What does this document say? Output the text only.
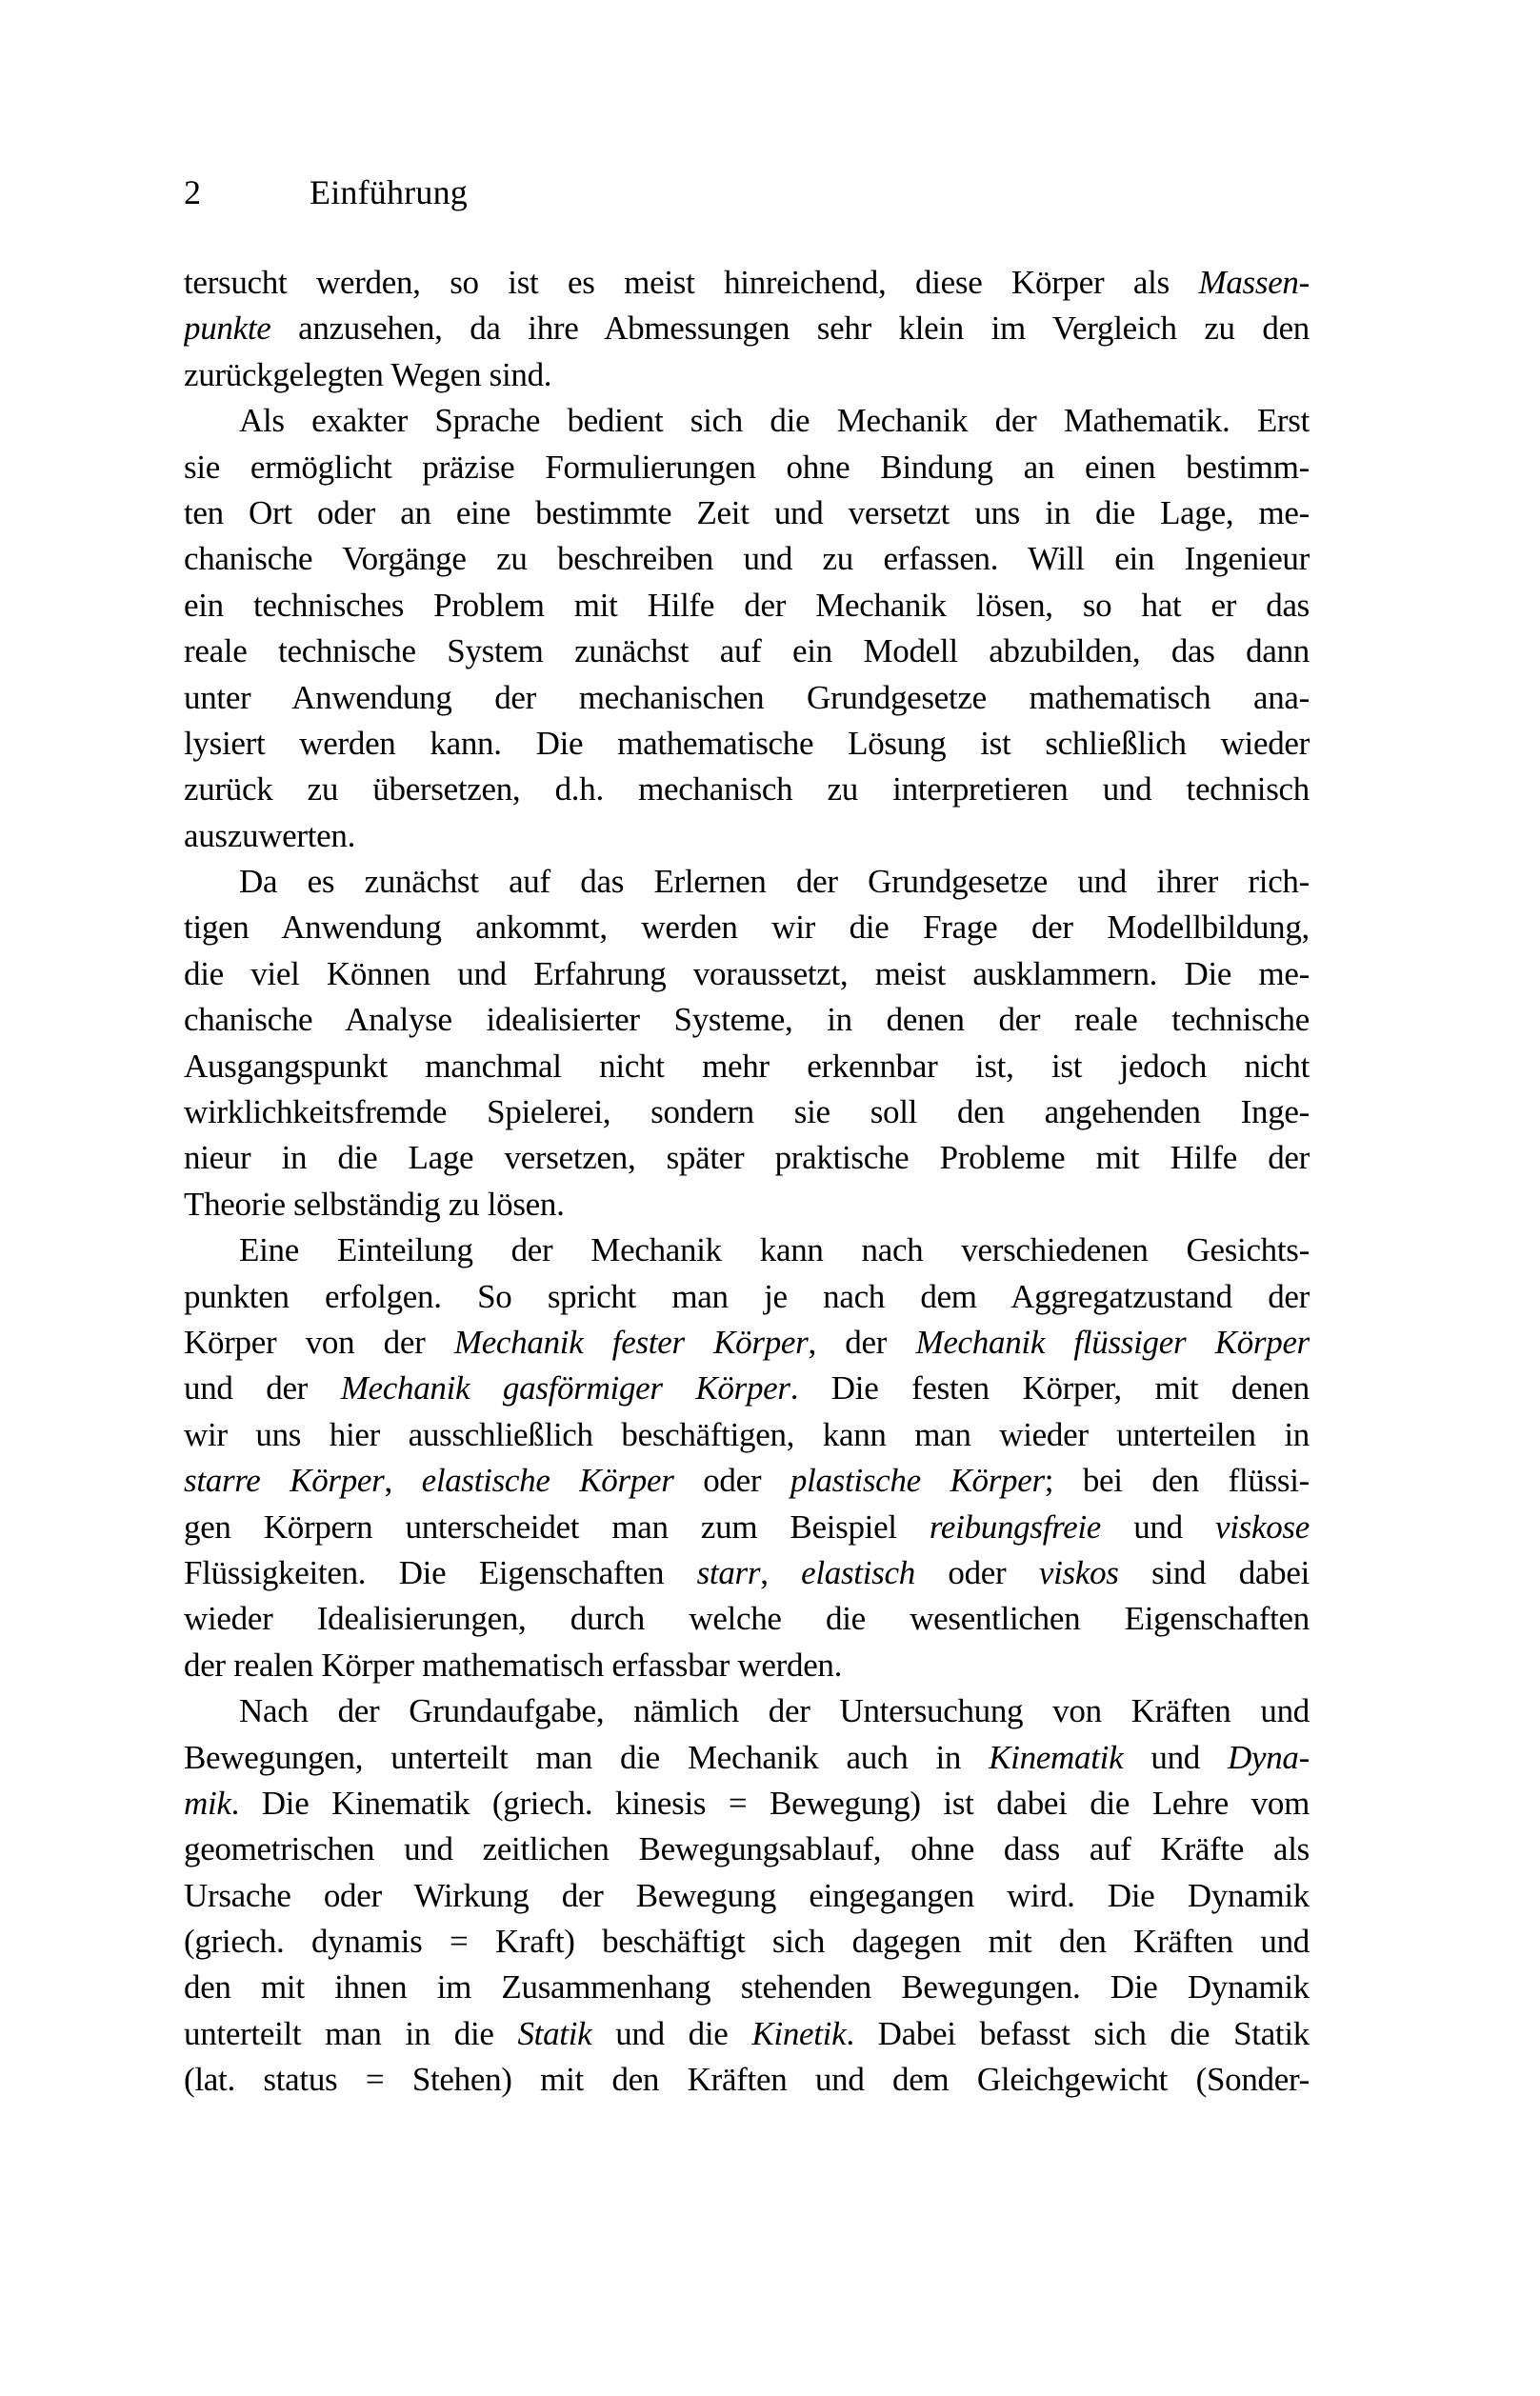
2	Einführung
tersucht werden, so ist es meist hinreichend, diese Körper als Massen-
punkte anzusehen, da ihre Abmessungen sehr klein im Vergleich zu den
zurückgelegten Wegen sind.
Als exakter Sprache bedient sich die Mechanik der Mathematik. Erst
sie ermöglicht präzise Formulierungen ohne Bindung an einen bestimm-
ten Ort oder an eine bestimmte Zeit und versetzt uns in die Lage, me-
chanische Vorgänge zu beschreiben und zu erfassen. Will ein Ingenieur
ein technisches Problem mit Hilfe der Mechanik lösen, so hat er das
reale technische System zunächst auf ein Modell abzubilden, das dann
unter Anwendung der mechanischen Grundgesetze mathematisch ana-
lysiert werden kann. Die mathematische Lösung ist schließlich wieder
zurück zu übersetzen, d.h. mechanisch zu interpretieren und technisch
auszuwerten.
Da es zunächst auf das Erlernen der Grundgesetze und ihrer rich-
tigen Anwendung ankommt, werden wir die Frage der Modellbildung,
die viel Können und Erfahrung voraussetzt, meist ausklammern. Die me-
chanische Analyse idealisierter Systeme, in denen der reale technische
Ausgangspunkt manchmal nicht mehr erkennbar ist, ist jedoch nicht
wirklichkeitsfremde Spielerei, sondern sie soll den angehenden Inge-
nieur in die Lage versetzen, später praktische Probleme mit Hilfe der
Theorie selbständig zu lösen.
Eine Einteilung der Mechanik kann nach verschiedenen Gesichts-
punkten erfolgen. So spricht man je nach dem Aggregatzustand der
Körper von der Mechanik fester Körper, der Mechanik flüssiger Körper
und der Mechanik gasförmiger Körper. Die festen Körper, mit denen
wir uns hier ausschließlich beschäftigen, kann man wieder unterteilen in
starre Körper, elastische Körper oder plastische Körper; bei den flüssi-
gen Körpern unterscheidet man zum Beispiel reibungsfreie und viskose
Flüssigkeiten. Die Eigenschaften starr, elastisch oder viskos sind dabei
wieder Idealisierungen, durch welche die wesentlichen Eigenschaften
der realen Körper mathematisch erfassbar werden.
Nach der Grundaufgabe, nämlich der Untersuchung von Kräften und
Bewegungen, unterteilt man die Mechanik auch in Kinematik und Dyna-
mik. Die Kinematik (griech. kinesis = Bewegung) ist dabei die Lehre vom
geometrischen und zeitlichen Bewegungsablauf, ohne dass auf Kräfte als
Ursache oder Wirkung der Bewegung eingegangen wird. Die Dynamik
(griech. dynamis = Kraft) beschäftigt sich dagegen mit den Kräften und
den mit ihnen im Zusammenhang stehenden Bewegungen. Die Dynamik
unterteilt man in die Statik und die Kinetik. Dabei befasst sich die Statik
(lat. status = Stehen) mit den Kräften und dem Gleichgewicht (Sonder-
